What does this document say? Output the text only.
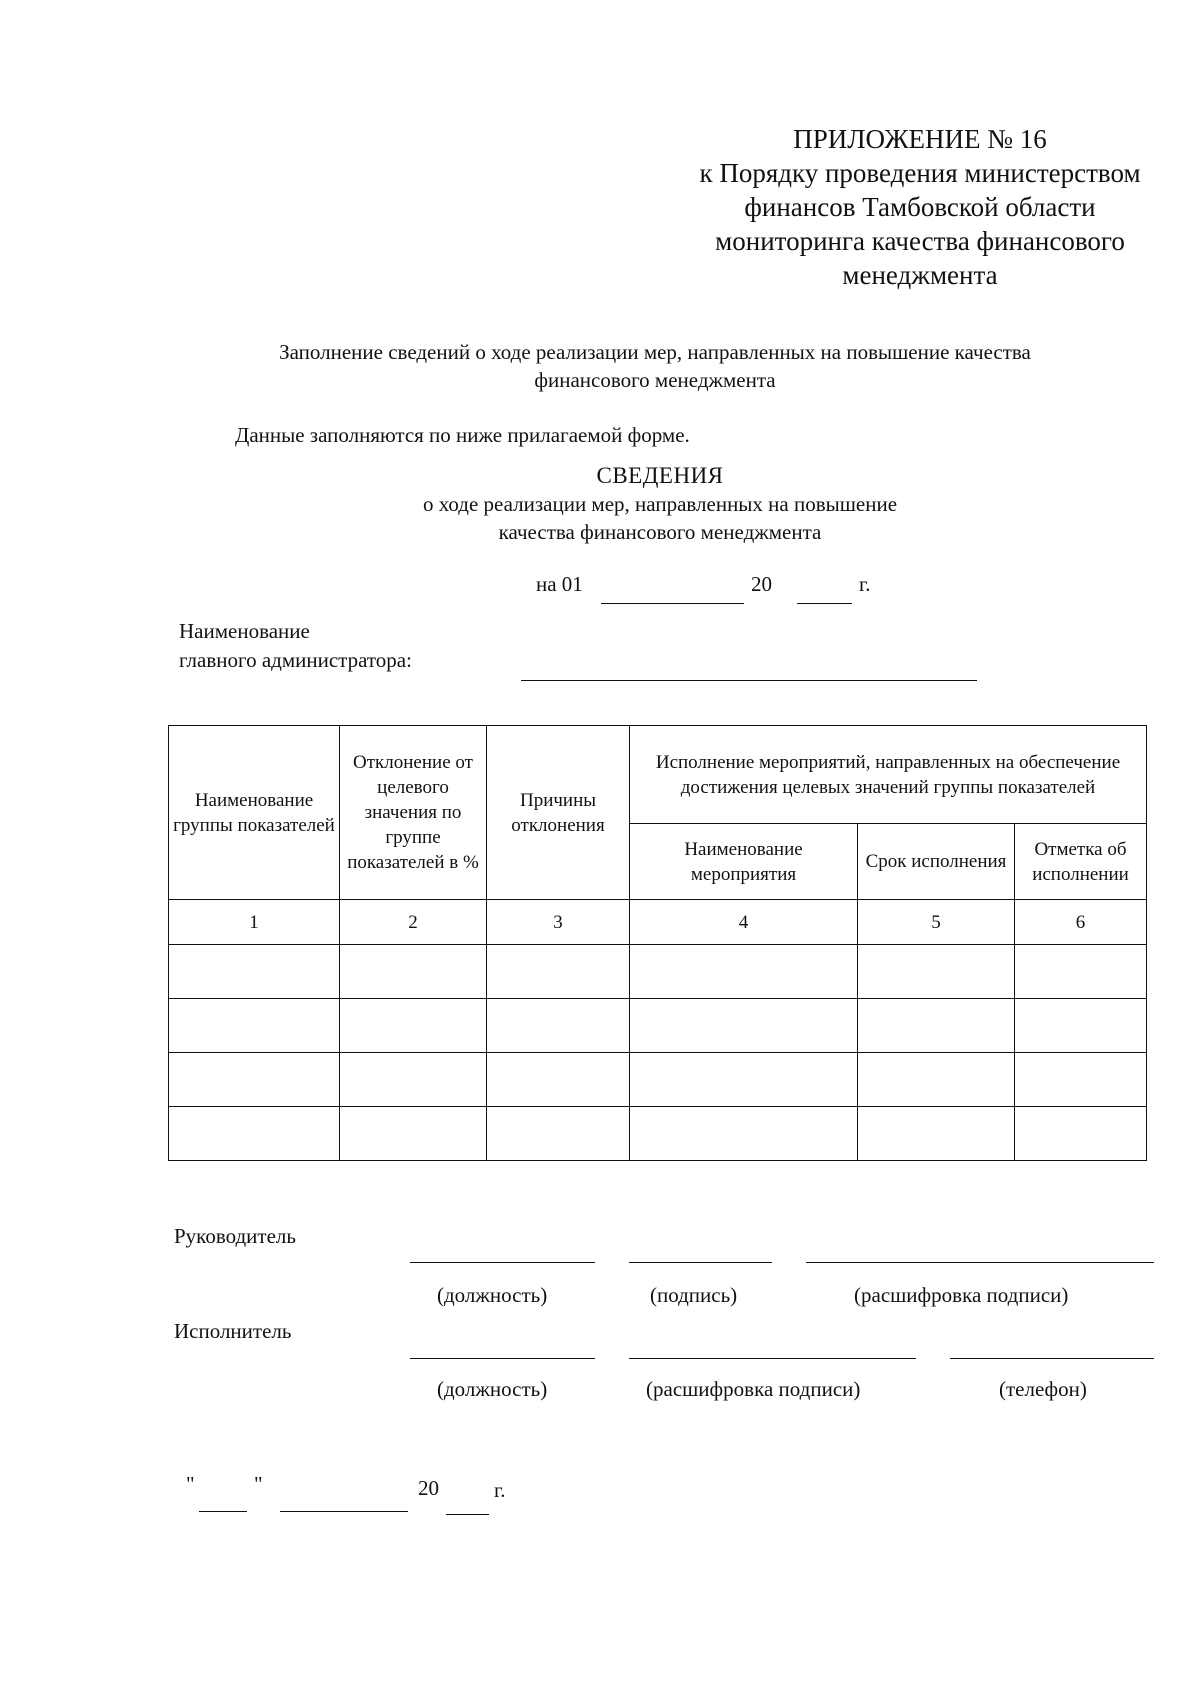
ПРИЛОЖЕНИЕ № 16
к Порядку проведения министерством
финансов Тамбовской области
мониторинга качества финансового
менеджмента
Заполнение сведений о ходе реализации мер, направленных на повышение качества
финансового менеджмента
Данные заполняются по ниже прилагаемой форме.
СВЕДЕНИЯ
о ходе реализации мер, направленных на повышение
качества финансового менеджмента
на 01	20	г.
Наименование
главного администратора:
Наименование группы показателей	Отклонение от целевого значения по группе показателей в %	Причины отклонения	Исполнение мероприятий, направленных на обеспечение достижения целевых значений группы показателей		
			Наименование мероприятия	Срок исполнения	Отметка об исполнении
1	2	3	4	5	6

Руководитель
(должность)	(подпись)	(расшифровка подписи)
Исполнитель
(должность)	(расшифровка подписи)	(телефон)
"	"	20	г.
